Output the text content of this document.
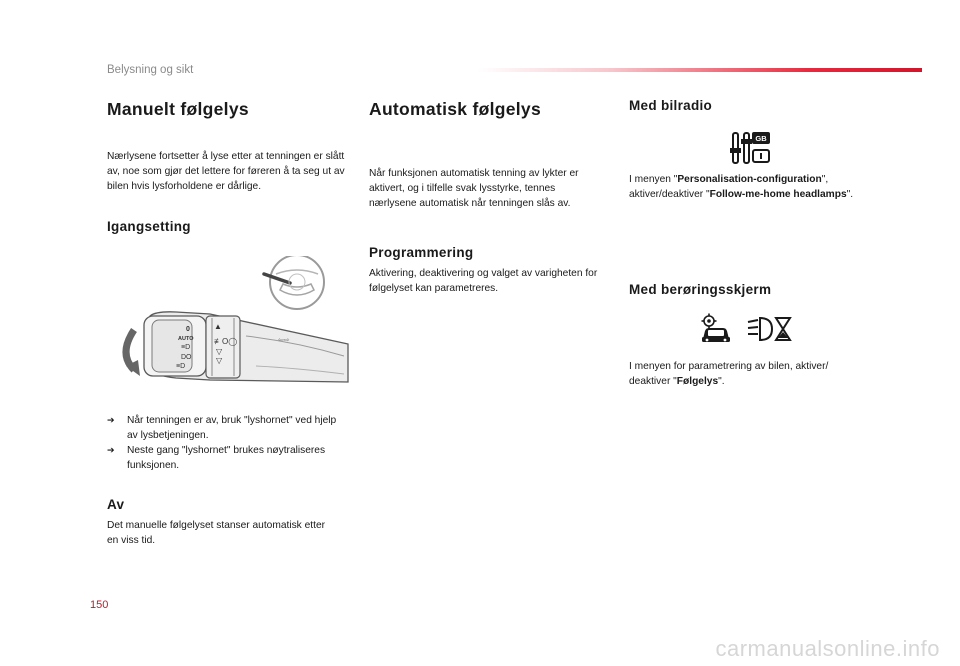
Belysning og sikt
Manuelt følgelys

Nærlysene fortsetter å lyse etter at tenningen er slått av, noe som gjør det lettere for føreren å ta seg ut av bilen hvis lysforholdene er dårlige.

Igangsetting
0
AUTO
≡D
DO
≡D
▲
≢O◯
▽
▽
⇦⇨
➔	Når tenningen er av, bruk "lyshornet" ved hjelp av lysbetjeningen.
➔	Neste gang "lyshornet" brukes nøytraliseres funksjonen.
Av

Det manuelle følgelyset stanser automatisk etter en viss tid.

Automatisk følgelys

Når funksjonen automatisk tenning av lykter er aktivert, og i tilfelle svak lysstyrke, tennes nærlysene automatisk når tenningen slås av.

Programmering

Aktivering, deaktivering og valget av varigheten for følgelyset kan parametreres.

Med bilradio
GB

I menyen "Personalisation-configuration", aktiver/deaktiver "Follow-me-home headlamps".

Med berøringsskjerm

I menyen for parametrering av bilen, aktiver/ deaktiver "Følgelys".

150
carmanualsonline.info
